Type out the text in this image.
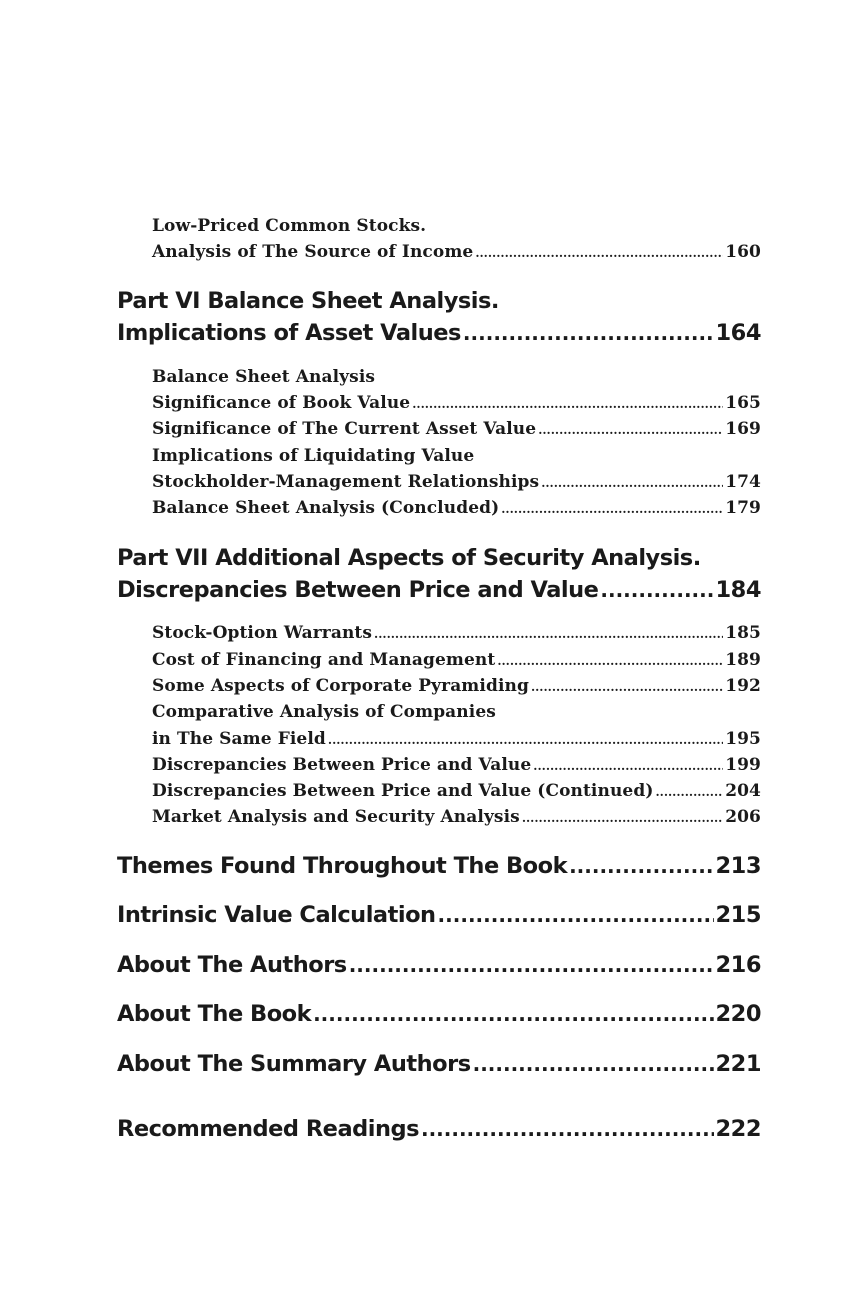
Low-Priced Common Stocks.
Analysis of The Source of Income .....	160
Part VI Balance Sheet Analysis.
Implications of Asset Values .....	164
Balance Sheet Analysis
Significance of Book Value .....	165
Significance of The Current Asset Value .....	169
Implications of Liquidating Value
Stockholder-Management Relationships .....	174
Balance Sheet Analysis (Concluded) .....	179
Part VII Additional Aspects of Security Analysis.
Discrepancies Between Price and Value .....	184
Stock-Option Warrants .....	185
Cost of Financing and Management .....	189
Some Aspects of Corporate Pyramiding .....	192
Comparative Analysis of Companies
in The Same Field .....	195
Discrepancies Between Price and Value .....	199
Discrepancies Between Price and Value (Continued) .....	204
Market Analysis and Security Analysis .....	206
Themes Found Throughout The Book .....	213
Intrinsic Value Calculation .....	215
About The Authors .....	216
About The Book .....	220
About The Summary Authors .....	221
Recommended Readings .....	222
